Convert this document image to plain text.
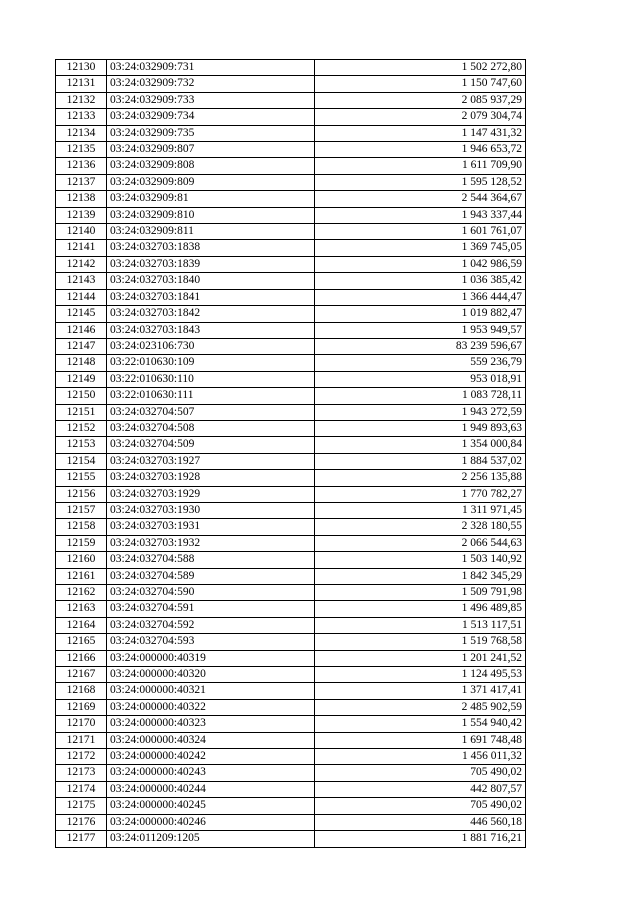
12130	03:24:032909:731	1 502 272,80
12131	03:24:032909:732	1 150 747,60
12132	03:24:032909:733	2 085 937,29
12133	03:24:032909:734	2 079 304,74
12134	03:24:032909:735	1 147 431,32
12135	03:24:032909:807	1 946 653,72
12136	03:24:032909:808	1 611 709,90
12137	03:24:032909:809	1 595 128,52
12138	03:24:032909:81	2 544 364,67
12139	03:24:032909:810	1 943 337,44
12140	03:24:032909:811	1 601 761,07
12141	03:24:032703:1838	1 369 745,05
12142	03:24:032703:1839	1 042 986,59
12143	03:24:032703:1840	1 036 385,42
12144	03:24:032703:1841	1 366 444,47
12145	03:24:032703:1842	1 019 882,47
12146	03:24:032703:1843	1 953 949,57
12147	03:24:023106:730	83 239 596,67
12148	03:22:010630:109	559 236,79
12149	03:22:010630:110	953 018,91
12150	03:22:010630:111	1 083 728,11
12151	03:24:032704:507	1 943 272,59
12152	03:24:032704:508	1 949 893,63
12153	03:24:032704:509	1 354 000,84
12154	03:24:032703:1927	1 884 537,02
12155	03:24:032703:1928	2 256 135,88
12156	03:24:032703:1929	1 770 782,27
12157	03:24:032703:1930	1 311 971,45
12158	03:24:032703:1931	2 328 180,55
12159	03:24:032703:1932	2 066 544,63
12160	03:24:032704:588	1 503 140,92
12161	03:24:032704:589	1 842 345,29
12162	03:24:032704:590	1 509 791,98
12163	03:24:032704:591	1 496 489,85
12164	03:24:032704:592	1 513 117,51
12165	03:24:032704:593	1 519 768,58
12166	03:24:000000:40319	1 201 241,52
12167	03:24:000000:40320	1 124 495,53
12168	03:24:000000:40321	1 371 417,41
12169	03:24:000000:40322	2 485 902,59
12170	03:24:000000:40323	1 554 940,42
12171	03:24:000000:40324	1 691 748,48
12172	03:24:000000:40242	1 456 011,32
12173	03:24:000000:40243	705 490,02
12174	03:24:000000:40244	442 807,57
12175	03:24:000000:40245	705 490,02
12176	03:24:000000:40246	446 560,18
12177	03:24:011209:1205	1 881 716,21
